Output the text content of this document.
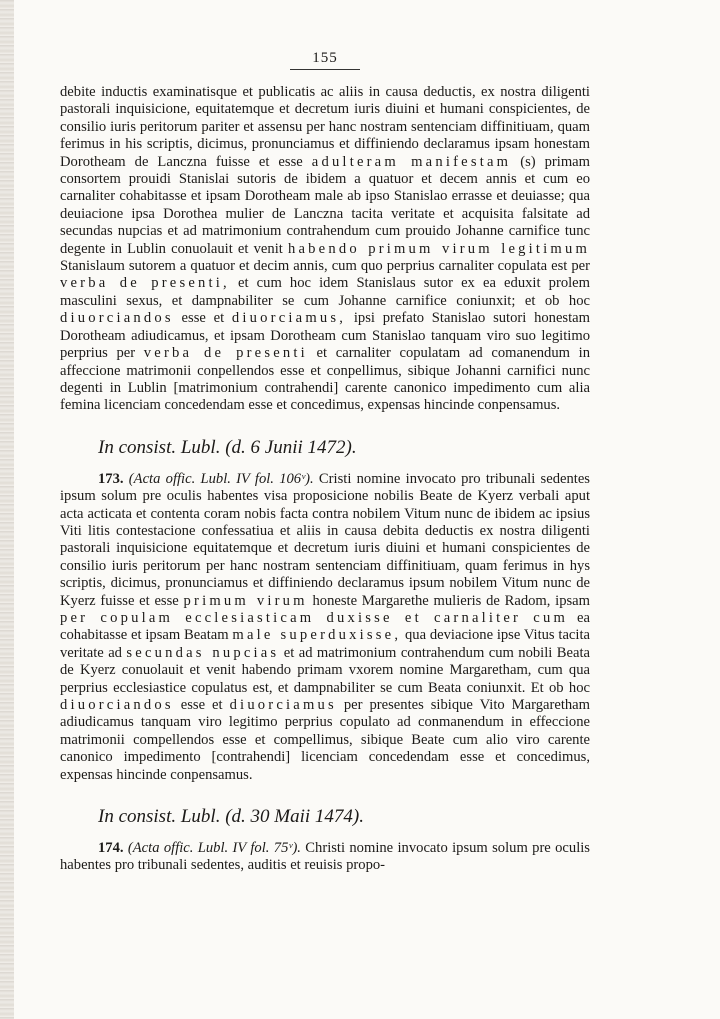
155

debite inductis examinatisque et publicatis ac aliis in causa deductis, ex nostra diligenti pastorali inquisicione, equitatemque et decretum iuris diuini et humani conspicientes, de consilio iuris peritorum pariter et assensu per hanc nostram sentenciam diffinitiuam, quam ferimus in his scriptis, dicimus, pronunciamus et diffiniendo declaramus ipsam honestam Dorotheam de Lanczna fuisse et esse adulteram manifestam (s) primam consortem prouidi Stanislai sutoris de ibidem a quatuor et decem annis et cum eo carnaliter cohabitasse et ipsam Dorotheam male ab ipso Stanislao errasse et deuiasse; qua deuiacione ipsa Dorothea mulier de Lanczna tacita veritate et acquisita falsitate ad secundas nupcias et ad matrimonium contrahendum cum prouido Johanne carnifice tunc degente in Lublin conuolauit et venit habendo primum virum legitimum Stanislaum sutorem a quatuor et decim annis, cum quo perprius carnaliter copulata est per verba de presenti, et cum hoc idem Stanislaus sutor ex ea eduxit prolem masculini sexus, et dampnabiliter se cum Johanne carnifice coniunxit; et ob hoc diuorciandos esse et diuorciamus, ipsi prefato Stanislao sutori honestam Dorotheam adiudicamus, et ipsam Dorotheam cum Stanislao tanquam viro suo legitimo perprius per verba de presenti et carnaliter copulatam ad comanendum in affeccione matrimonii conpellendos esse et conpellimus, sibique Johanni carnifici nunc degenti in Lublin [matrimonium contrahendi] carente canonico impedimento cum alia femina licenciam concedendam esse et concedimus, expensas hincinde conpensamus.

In consist. Lubl. (d. 6 Junii 1472).

173. (Acta offic. Lubl. IV fol. 106ᵛ). Cristi nomine invocato pro tribunali sedentes ipsum solum pre oculis habentes visa proposicione nobilis Beate de Kyerz verbali aput acta acticata et contenta coram nobis facta contra nobilem Vitum nunc de ibidem ac ipsius Viti litis contestacione confessatiua et aliis in causa debita deductis ex nostra diligenti pastorali inquisicione equitatemque et decretum iuris diuini et humani conspicientes de consilio iuris peritorum per hanc nostram sentenciam diffinitiuam, quam ferimus in hys scriptis, dicimus, pronunciamus et diffiniendo declaramus ipsum nobilem Vitum nunc de Kyerz fuisse et esse primum virum honeste Margarethe mulieris de Radom, ipsam per copulam ecclesiasticam duxisse et carnaliter cum ea cohabitasse et ipsam Beatam male superduxisse, qua deviacione ipse Vitus tacita veritate ad secundas nupcias et ad matrimonium contrahendum cum nobili Beata de Kyerz conuolauit et venit habendo primam vxorem nomine Margaretham, cum qua perprius ecclesiastice copulatus est, et dampnabiliter se cum Beata coniunxit. Et ob hoc diuorciandos esse et diuorciamus per presentes sibique Vito Margaretham adiudicamus tanquam viro legitimo perprius copulato ad conmanendum in effeccione matrimonii compellendos esse et compellimus, sibique Beate cum alio viro carente canonico impedimento [contrahendi] licenciam concedendam esse et concedimus, expensas hincinde conpensamus.

In consist. Lubl. (d. 30 Maii 1474).

174. (Acta offic. Lubl. IV fol. 75ᵛ). Christi nomine invocato ipsum solum pre oculis habentes pro tribunali sedentes, auditis et reuisis propo-
